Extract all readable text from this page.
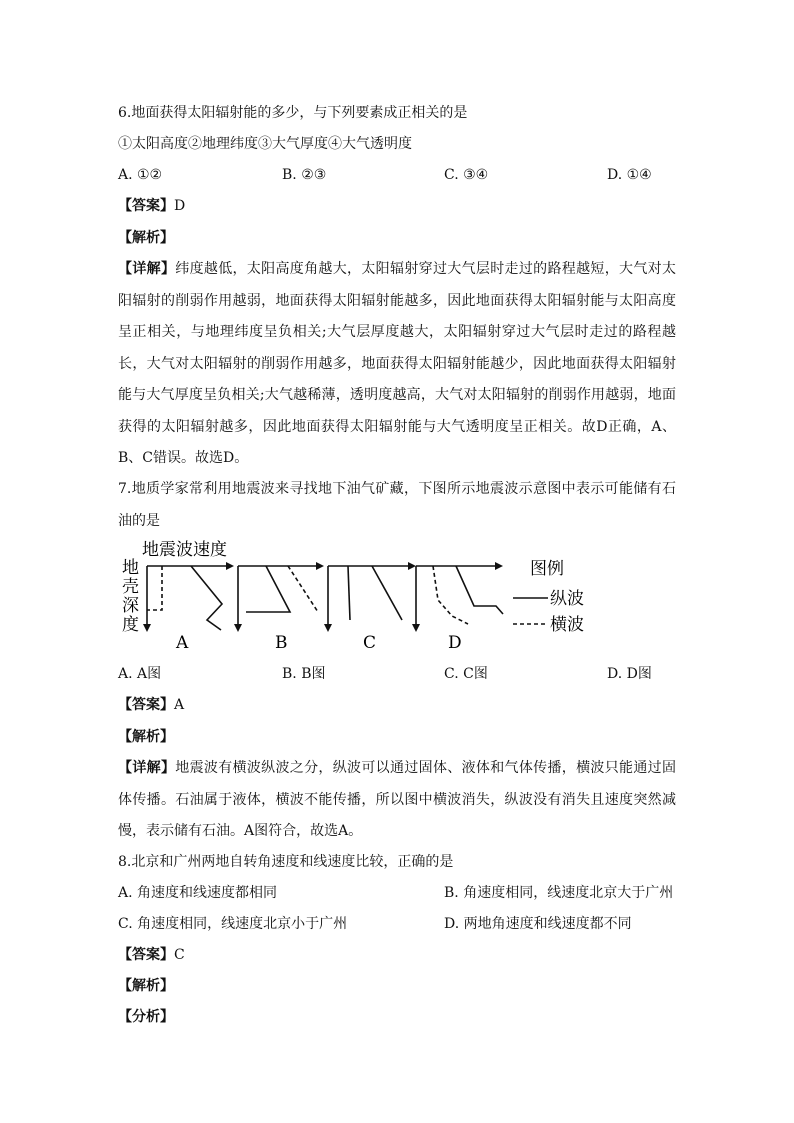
6.地面获得太阳辐射能的多少，与下列要素成正相关的是
①太阳高度②地理纬度③大气厚度④大气透明度
A. ①②	B. ②③	C. ③④	D. ①④
【答案】D
【解析】
【详解】纬度越低，太阳高度角越大，太阳辐射穿过大气层时走过的路程越短，大气对太阳辐射的削弱作用越弱，地面获得太阳辐射能越多，因此地面获得太阳辐射能与太阳高度呈正相关，与地理纬度呈负相关;大气层厚度越大，太阳辐射穿过大气层时走过的路程越长，大气对太阳辐射的削弱作用越多，地面获得太阳辐射能越少，因此地面获得太阳辐射能与大气厚度呈负相关;大气越稀薄，透明度越高，大气对太阳辐射的削弱作用越弱，地面获得的太阳辐射越多，因此地面获得太阳辐射能与大气透明度呈正相关。故D正确，A、B、C错误。故选D。
7.地质学家常利用地震波来寻找地下油气矿藏，下图所示地震波示意图中表示可能储有石油的是
地震波速度
地
壳
深
度
A	B	C	D
图例
纵波
横波
A. A图	B. B图	C. C图	D. D图
【答案】A
【解析】
【详解】地震波有横波纵波之分，纵波可以通过固体、液体和气体传播，横波只能通过固体传播。石油属于液体，横波不能传播，所以图中横波消失，纵波没有消失且速度突然减慢，表示储有石油。A图符合，故选A。
8.北京和广州两地自转角速度和线速度比较，正确的是
A. 角速度和线速度都相同	B. 角速度相同，线速度北京大于广州
C. 角速度相同，线速度北京小于广州	D. 两地角速度和线速度都不同
【答案】C
【解析】
【分析】
